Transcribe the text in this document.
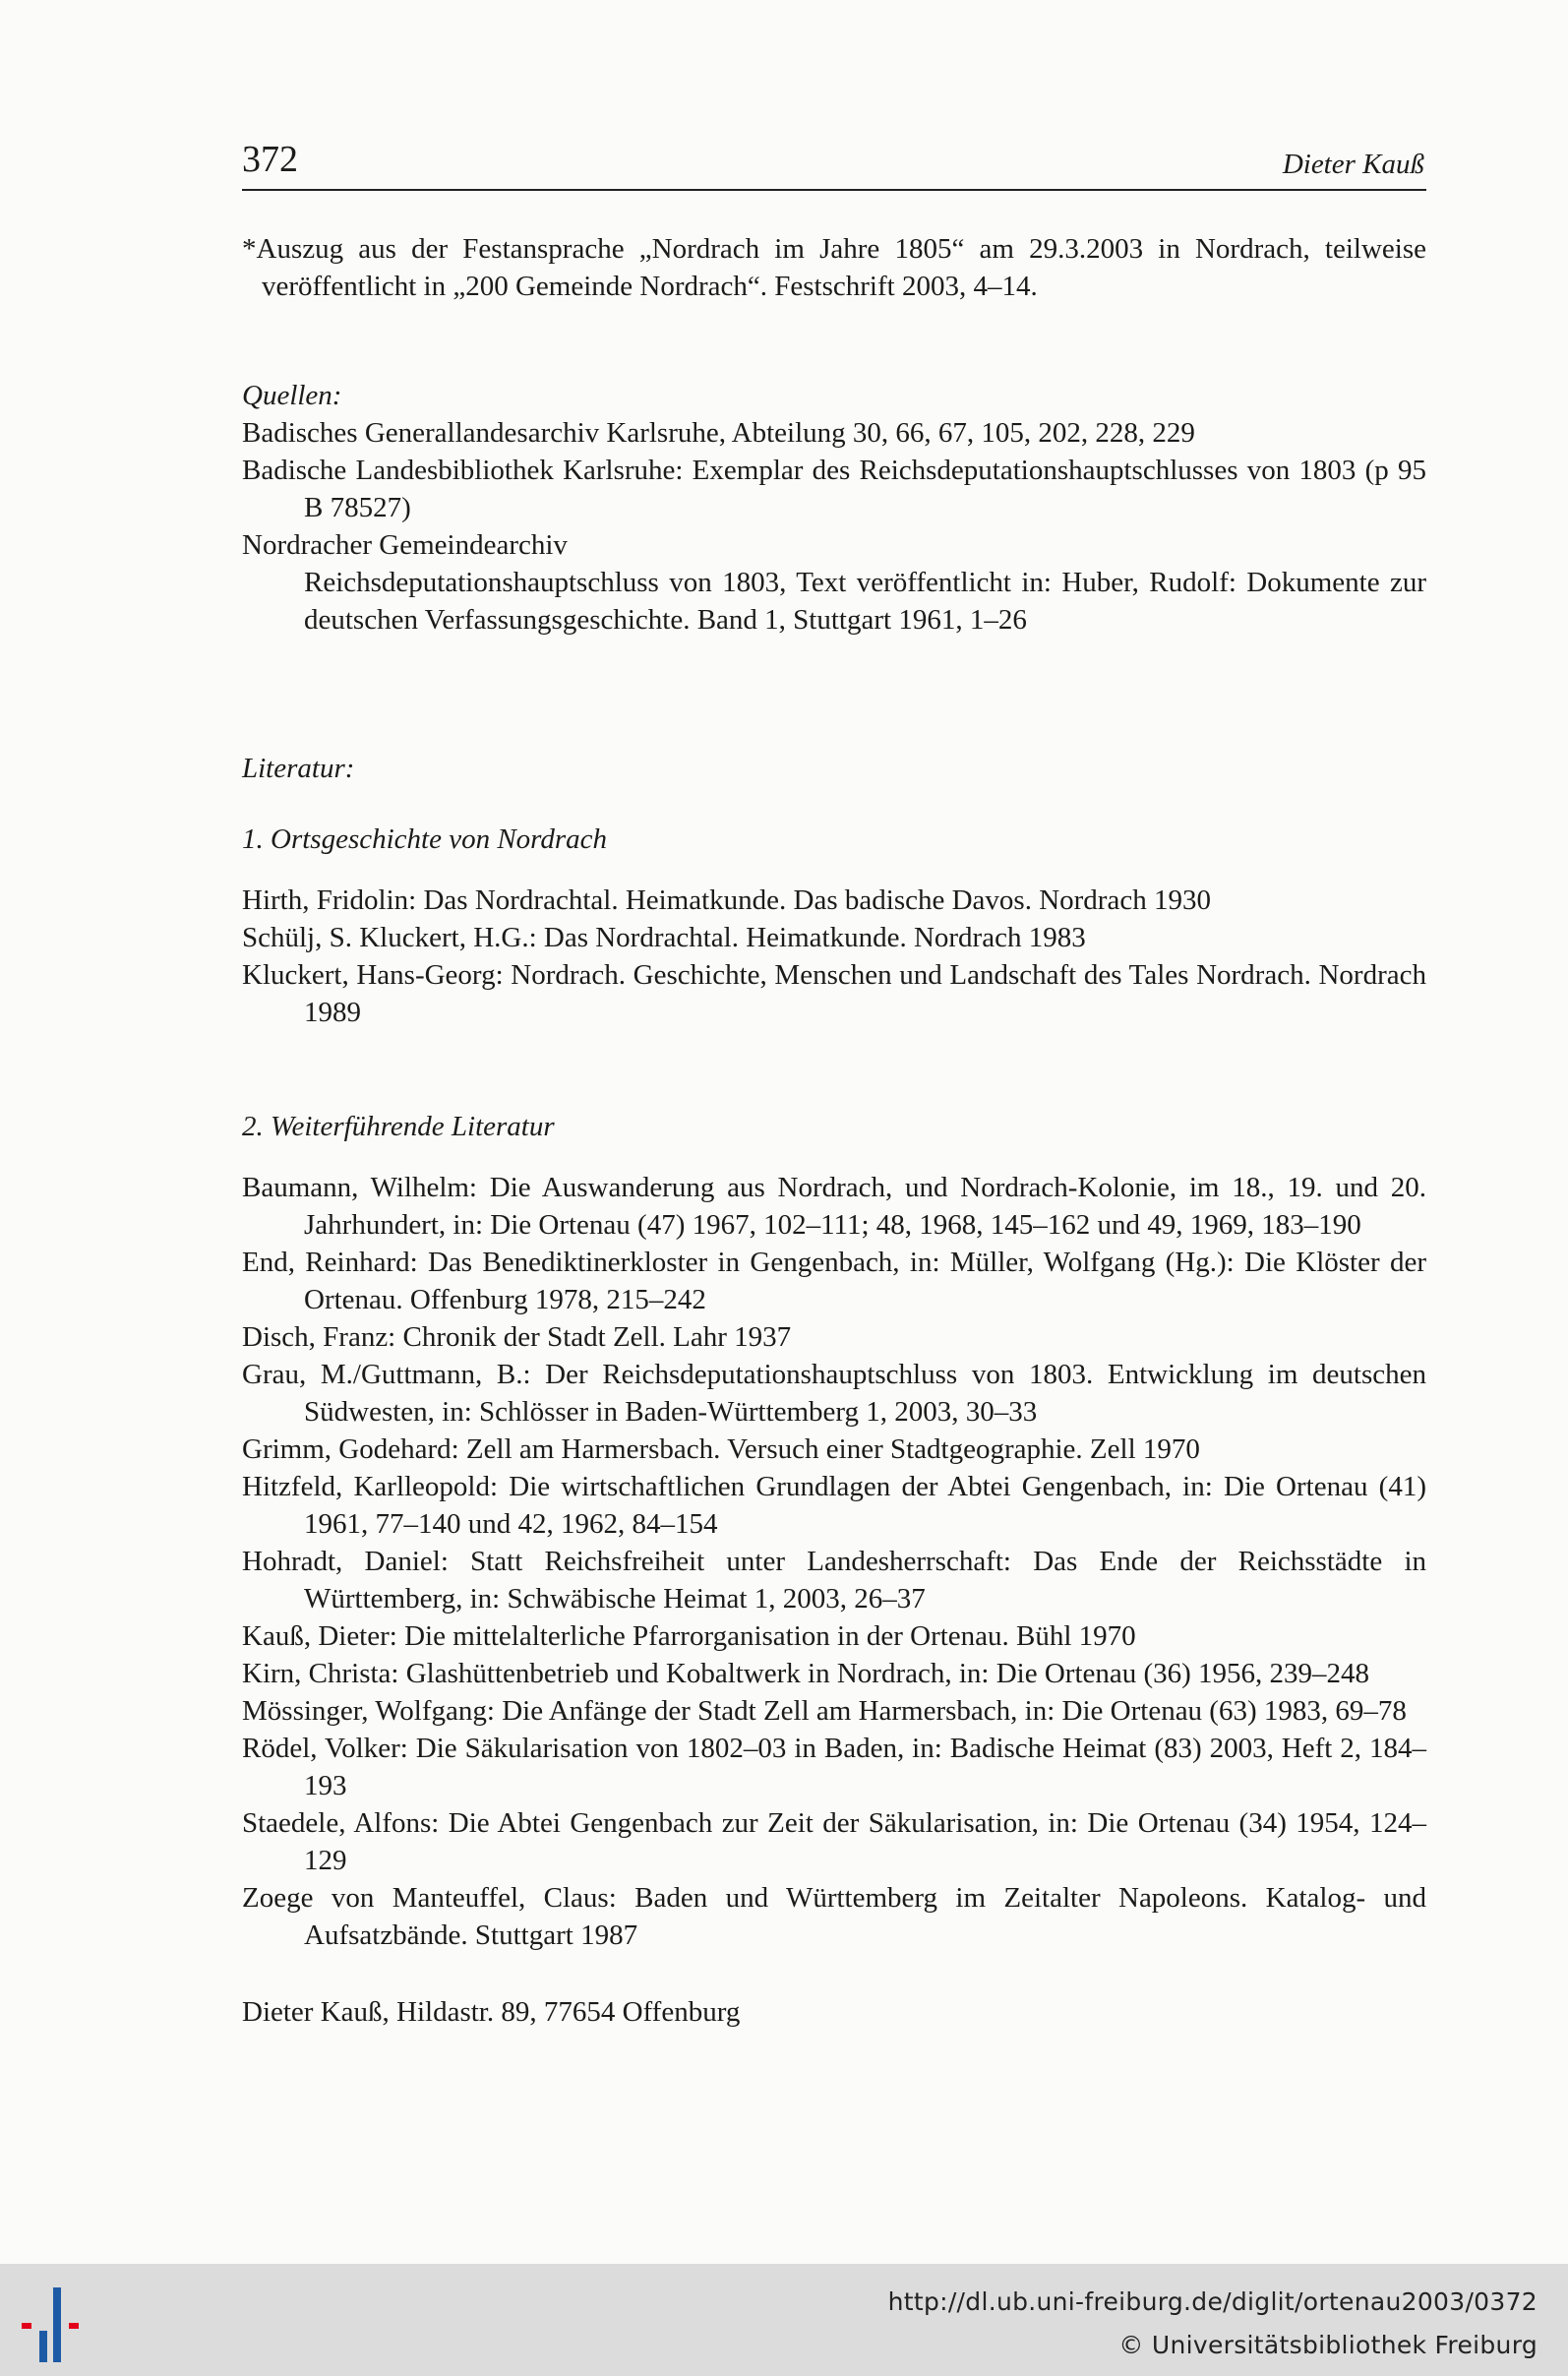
372	Dieter Kauß

*Auszug aus der Festansprache „Nordrach im Jahre 1805“ am 29.3.2003 in Nordrach, teilweise veröffentlicht in „200 Gemeinde Nordrach“. Festschrift 2003, 4–14.

Quellen:

Badisches Generallandesarchiv Karlsruhe, Abteilung 30, 66, 67, 105, 202, 228, 229

Badische Landesbibliothek Karlsruhe: Exemplar des Reichsdeputationshauptschlusses von 1803 (p 95 B 78527)

Nordracher Gemeindearchiv

Reichsdeputationshauptschluss von 1803, Text veröffentlicht in: Huber, Rudolf: Dokumente zur deutschen Verfassungsgeschichte. Band 1, Stuttgart 1961, 1–26

Literatur:

1. Ortsgeschichte von Nordrach

Hirth, Fridolin: Das Nordrachtal. Heimatkunde. Das badische Davos. Nordrach 1930

Schülj, S. Kluckert, H.G.: Das Nordrachtal. Heimatkunde. Nordrach 1983

Kluckert, Hans-Georg: Nordrach. Geschichte, Menschen und Landschaft des Tales Nordrach. Nordrach 1989

2. Weiterführende Literatur

Baumann, Wilhelm: Die Auswanderung aus Nordrach, und Nordrach-Kolonie, im 18., 19. und 20. Jahrhundert, in: Die Ortenau (47) 1967, 102–111; 48, 1968, 145–162 und 49, 1969, 183–190

End, Reinhard: Das Benediktinerkloster in Gengenbach, in: Müller, Wolfgang (Hg.): Die Klöster der Ortenau. Offenburg 1978, 215–242

Disch, Franz: Chronik der Stadt Zell. Lahr 1937

Grau, M./Guttmann, B.: Der Reichsdeputationshauptschluss von 1803. Entwicklung im deutschen Südwesten, in: Schlösser in Baden-Württemberg 1, 2003, 30–33

Grimm, Godehard: Zell am Harmersbach. Versuch einer Stadtgeographie. Zell 1970

Hitzfeld, Karlleopold: Die wirtschaftlichen Grundlagen der Abtei Gengenbach, in: Die Ortenau (41) 1961, 77–140 und 42, 1962, 84–154

Hohradt, Daniel: Statt Reichsfreiheit unter Landesherrschaft: Das Ende der Reichsstädte in Württemberg, in: Schwäbische Heimat 1, 2003, 26–37

Kauß, Dieter: Die mittelalterliche Pfarrorganisation in der Ortenau. Bühl 1970

Kirn, Christa: Glashüttenbetrieb und Kobaltwerk in Nordrach, in: Die Ortenau (36) 1956, 239–248

Mössinger, Wolfgang: Die Anfänge der Stadt Zell am Harmersbach, in: Die Ortenau (63) 1983, 69–78

Rödel, Volker: Die Säkularisation von 1802–03 in Baden, in: Badische Heimat (83) 2003, Heft 2, 184–193

Staedele, Alfons: Die Abtei Gengenbach zur Zeit der Säkularisation, in: Die Ortenau (34) 1954, 124–129

Zoege von Manteuffel, Claus: Baden und Württemberg im Zeitalter Napoleons. Katalog- und Aufsatzbände. Stuttgart 1987

Dieter Kauß, Hildastr. 89, 77654 Offenburg

http://dl.ub.uni-freiburg.de/diglit/ortenau2003/0372
© Universitätsbibliothek Freiburg
